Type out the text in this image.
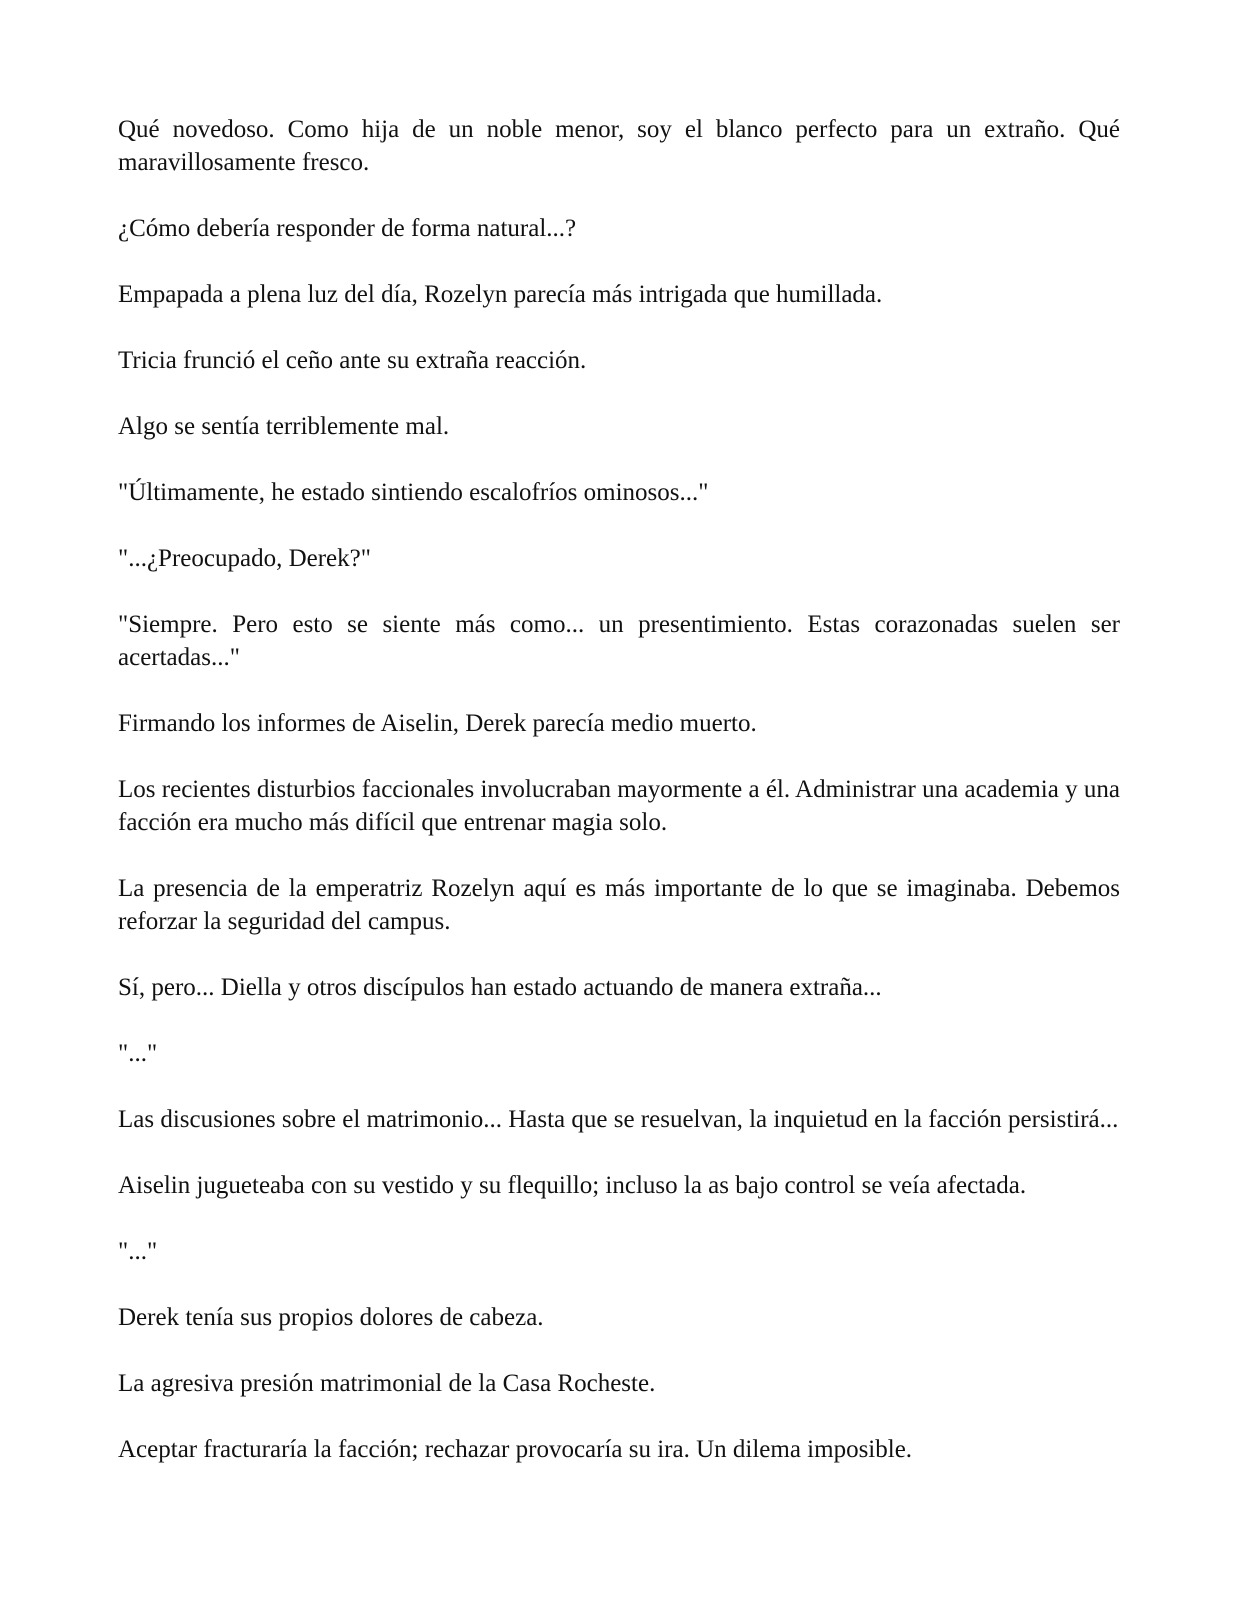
Qué novedoso. Como hija de un noble menor, soy el blanco perfecto para un extraño. Qué maravillosamente fresco.

¿Cómo debería responder de forma natural...?

Empapada a plena luz del día, Rozelyn parecía más intrigada que humillada.

Tricia frunció el ceño ante su extraña reacción.

Algo se sentía terriblemente mal.

"Últimamente, he estado sintiendo escalofríos ominosos..."

"...¿Preocupado, Derek?"

"Siempre. Pero esto se siente más como... un presentimiento. Estas corazonadas suelen ser acertadas..."

Firmando los informes de Aiselin, Derek parecía medio muerto.

Los recientes disturbios faccionales involucraban mayormente a él. Administrar una academia y una facción era mucho más difícil que entrenar magia solo.

La presencia de la emperatriz Rozelyn aquí es más importante de lo que se imaginaba. Debemos reforzar la seguridad del campus.

Sí, pero... Diella y otros discípulos han estado actuando de manera extraña...

"..."

Las discusiones sobre el matrimonio... Hasta que se resuelvan, la inquietud en la facción persistirá...

Aiselin jugueteaba con su vestido y su flequillo; incluso la as bajo control se veía afectada.

"..."

Derek tenía sus propios dolores de cabeza.

La agresiva presión matrimonial de la Casa Rocheste.

Aceptar fracturaría la facción; rechazar provocaría su ira. Un dilema imposible.
